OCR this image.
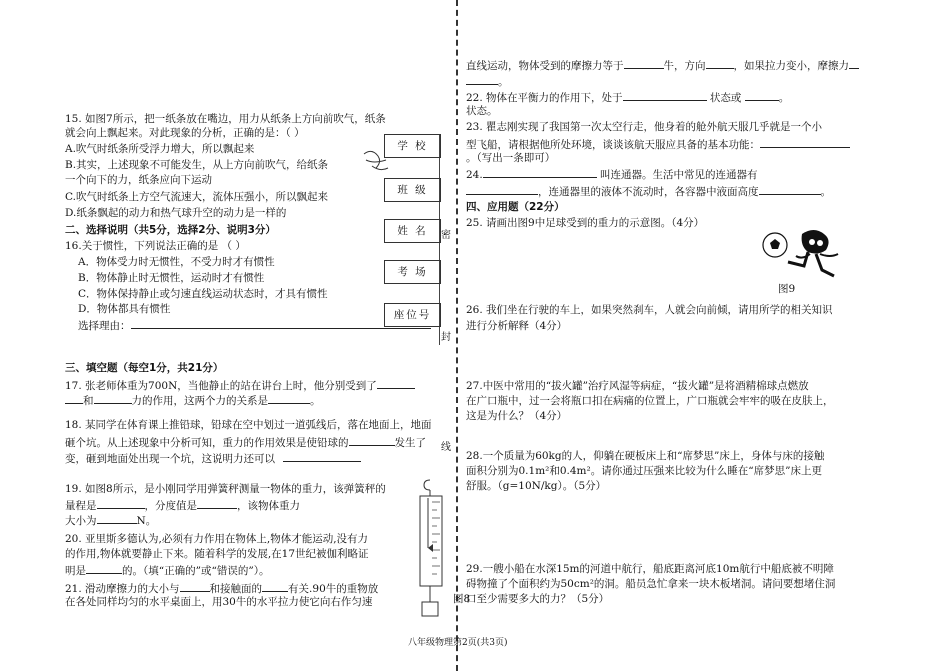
15. 如图7所示，把一纸条放在嘴边，用力从纸条上方向前吹气，纸条
就会向上飘起来。对此现象的分析，正确的是：（ ）
A.吹气时纸条所受浮力增大，所以飘起来
B.其实，上述现象不可能发生，从上方向前吹气，给纸条
一个向下的力，纸条应向下运动
C.吹气时纸条上方空气流速大，流体压强小，所以飘起来
D.纸条飘起的动力和热气球升空的动力是一样的
二、选择说明（共5分，选择2分、说明3分）
16.关于惯性，下列说法正确的是 （ ）
A．物体受力时无惯性，不受力时才有惯性
B．物体静止时无惯性，运动时才有惯性
C．物体保持静止或匀速直线运动状态时，才具有惯性
D．物体都具有惯性
选择理由：
三、填空题（每空1分，共21分）
17. 张老师体重为700N，当他静止的站在讲台上时，他分别受到了
和	力的作用，这两个力的关系是	。
18. 某同学在体育课上推铅球，铅球在空中划过一道弧线后，落在地面上，地面
砸个坑。从上述现象中分析可知，重力的作用效果是使铅球的	发生了
变，砸到地面处出现一个坑，这说明力还可以
19. 如图8所示，是小刚同学用弹簧秤测量一物体的重力，该弹簧秤的
量程是	，分度值是	，该物体重力
大小为	N。
20. 亚里斯多德认为,必须有力作用在物体上,物体才能运动,没有力
的作用,物体就要静止下来。随着科学的发展,在17世纪被伽利略证
明是	的。（填“正确的”或“错误的”）。
21. 滑动摩擦力的大小与	和接触面的 有关.90牛的重物放
在各处同样均匀的水平桌面上，用30牛的水平拉力使它向右作匀速	图8
学 校
班 级
姓 名
考 场
座位号
密
封
线
直线运动，物体受到的摩擦力等于	牛，方向	，如果拉力变小，摩擦力
。
22. 物体在平衡力的作用下，处于	状态或	。
状态。
23. 瞿志刚实现了我国第一次太空行走，他身着的舱外航天服几乎就是一个小
型飞船，请根据他所处环境，谈谈该航天服应具备的基本功能：
。（写出一条即可）
24.	叫连通器。生活中常见的连通器有
，连通器里的液体不流动时，各容器中液面高度	。
四、应用题（22分）
25. 请画出图9中足球受到的重力的示意图。（4分）
图9
26. 我们坐在行驶的车上，如果突然刹车，人就会向前倾，请用所学的相关知识
进行分析解释（4分）
27.中医中常用的“拔火罐”治疗风湿等病症，“拔火罐”是将酒精棉球点燃放
在广口瓶中，过一会将瓶口扣在病痛的位置上，广口瓶就会牢牢的吸在皮肤上，
这是为什么？（4分）
28.一个质量为60kg的人，仰躺在硬板床上和“席梦思”床上，身体与床的接触
面积分别为0.1m²和0.4m²。请你通过压强来比较为什么睡在“席梦思”床上更
舒服。（g=10N/kg）。（5分）
29.一艘小船在水深15m的河道中航行，船底距离河底10m航行中船底被不明障
碍物撞了个面积约为50cm²的洞。船员急忙拿来一块木板堵洞。请问要想堵住洞
口至少需要多大的力？（5分）
八年级物理第2页(共3页)
